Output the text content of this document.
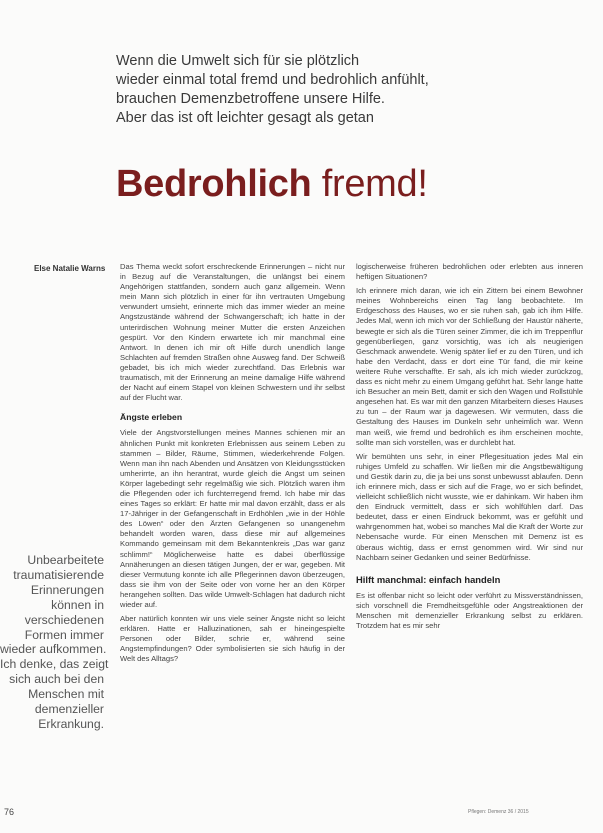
Wenn die Umwelt sich für sie plötzlich
wieder einmal total fremd und bedrohlich anfühlt,
brauchen Demenzbetroffene unsere Hilfe.
Aber das ist oft leichter gesagt als getan
Bedrohlich fremd!
Else Natalie Warns	Das Thema weckt sofort erschreckende Erinnerungen – nicht nur in Bezug auf die Veranstaltungen, die unlängst bei einem Angehörigen stattfanden, sondern auch ganz allgemein. Wenn mein Mann sich plötzlich in einer für ihn vertrauten Umgebung verwundert umsieht, erinnerte mich das immer wieder an meine Angstzustände während der Schwangerschaft; ich hatte in der unterirdischen Wohnung meiner Mutter die ersten Anzeichen gespürt. Vor den Kindern erwartete ich mir manchmal eine Antwort. In denen ich mir oft Hilfe durch unendlich lange Schlachten auf fremden Straßen ohne Ausweg fand. Der Schweiß gebadet, bis ich mich wieder zurechtfand. Das Erlebnis war traumatisch, mit der Erinnerung an meine damalige Hilfe während der Nacht auf einem Stapel von kleinen Schwestern und ihr selbst auf der Flucht war.

Ängste erleben

Viele der Angstvorstellungen meines Mannes schienen mir an ähnlichen Punkt mit konkreten Erlebnissen aus seinem Leben zu stammen – Bilder, Räume, Stimmen, wiederkehrende Folgen. Wenn man ihn nach Abenden und Ansätzen von Kleidungsstücken umherirrte, an ihn herantrat, wurde gleich die Angst um seinen Körper lagebedingt sehr regelmäßig wie sich. Plötzlich waren ihm die Pflegenden oder ich furchterregend fremd. Ich habe mir das eines Tages so erklärt: Er hatte mir mal davon erzählt, dass er als 17-Jähriger in der Gefangenschaft in Erdhöhlen „wie in der Höhle des Löwen“ oder den Ärzten Gefangenen so unangenehm behandelt worden waren, dass diese mir auf allgemeines Kommando gemeinsam mit dem Bekanntenkreis „Das war ganz schlimm!“ Möglicherweise hatte es dabei überflüssige Annäherungen an diesen tätigen Jungen, der er war, gegeben. Mit dieser Vermutung konnte ich alle Pflegerinnen davon überzeugen, dass sie ihm von der Seite oder von vorne her an den Körper herangehen sollten. Das wilde Umwelt-Schlagen hat dadurch nicht wieder auf.

Aber natürlich konnten wir uns viele seiner Ängste nicht so leicht erklären. Hatte er Halluzinationen, sah er hineingespielte Personen oder Bilder, schrie er, während seine Angstempfindungen? Oder symbolisierten sie sich häufig in der Welt des Alltags?

logischerweise früheren bedrohlichen oder erlebten aus inneren heftigen Situationen?

Ich erinnere mich daran, wie ich ein Zittern bei einem Bewohner meines Wohnbereichs einen Tag lang beobachtete. Im Erdgeschoss des Hauses, wo er sie ruhen sah, gab ich ihm Hilfe. Jedes Mal, wenn ich mich vor der Schließung der Haustür näherte, bewegte er sich als die Türen seiner Zimmer, die ich im Treppenflur gegenüberliegen, ganz vorsichtig, was ich als neugierigen Geschmack anwendete. Wenig später lief er zu den Türen, und ich habe den Verdacht, dass er dort eine Tür fand, die mir keine weitere Ruhe verschaffte. Er sah, als ich mich wieder zurückzog, dass es nicht mehr zu einem Umgang geführt hat. Sehr lange hatte ich Besucher an mein Bett, damit er sich den Wagen und Rollstühle angesehen hat. Es war mit den ganzen Mitarbeitern dieses Hauses zu tun – der Raum war ja dagewesen. Wir vermuten, dass die Gestaltung des Hauses im Dunkeln sehr unheimlich war. Wenn man weiß, wie fremd und bedrohlich es ihm erscheinen mochte, sollte man sich vorstellen, was er durchlebt hat.

Wir bemühten uns sehr, in einer Pflegesituation jedes Mal ein ruhiges Umfeld zu schaffen. Wir ließen mir die Angstbewältigung und Gestik darin zu, die ja bei uns sonst unbewusst ablaufen. Denn ich erinnere mich, dass er sich auf die Frage, wo er sich befindet, vielleicht schließlich nicht wusste, wie er dahinkam. Wir haben ihm den Eindruck vermittelt, dass er sich wohlfühlen darf. Das bedeutet, dass er einen Eindruck bekommt, was er gefühlt und wahrgenommen hat, wobei so manches Mal die Kraft der Worte zur Nebensache wurde. Für einen Menschen mit Demenz ist es überaus wichtig, dass er ernst genommen wird. Wir sind nur Nachbarn seiner Gedanken und seiner Bedürfnisse.

Hilft manchmal: einfach handeln

Es ist offenbar nicht so leicht oder verführt zu Missverständnissen, sich vorschnell die Fremdheitsgefühle oder Angstreaktionen der Menschen mit demenzieller Erkrankung selbst zu erklären. Trotzdem hat es mir sehr

Unbearbeitete
traumatisierende
Erinnerungen
können in
verschiedenen
Formen immer
wieder aufkommen.
Ich denke, das zeigt
sich auch bei den
Menschen mit
demenzieller
Erkrankung.
76	Pflegen: Demenz 36 / 2015
